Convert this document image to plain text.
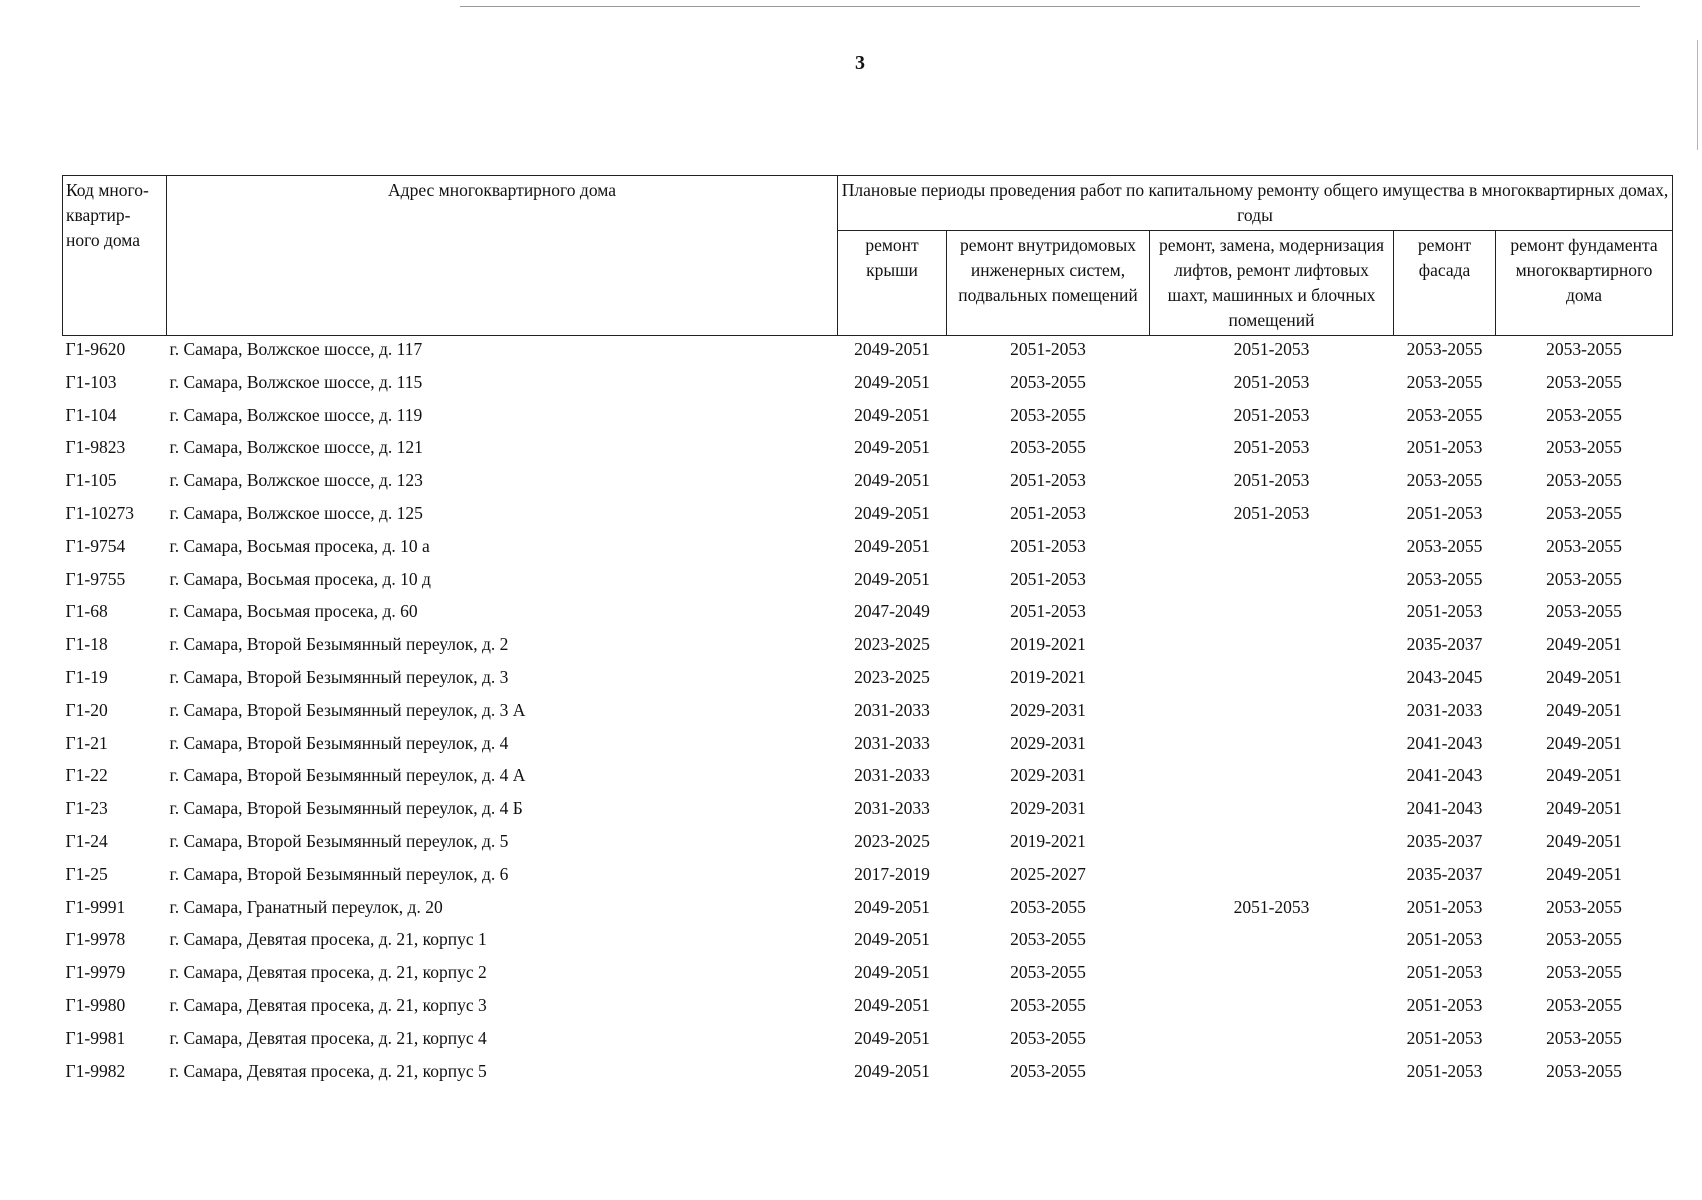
3
Код много-квартир-ного дома	Адрес многоквартирного дома	Плановые периоды проведения работ по капитальному ремонту общего имущества в многоквартирных домах, годы				
		ремонт крыши	ремонт внутридомовых инженерных систем, подвальных помещений	ремонт, замена, модернизация лифтов, ремонт лифтовых шахт, машинных и блочных помещений	ремонт фасада	ремонт фундамента многоквартирного дома
Г1-9620	г. Самара, Волжское шоссе, д. 117	2049-2051	2051-2053	2051-2053	2053-2055	2053-2055
Г1-103	г. Самара, Волжское шоссе, д. 115	2049-2051	2053-2055	2051-2053	2053-2055	2053-2055
Г1-104	г. Самара, Волжское шоссе, д. 119	2049-2051	2053-2055	2051-2053	2053-2055	2053-2055
Г1-9823	г. Самара, Волжское шоссе, д. 121	2049-2051	2053-2055	2051-2053	2051-2053	2053-2055
Г1-105	г. Самара, Волжское шоссе, д. 123	2049-2051	2051-2053	2051-2053	2053-2055	2053-2055
Г1-10273	г. Самара, Волжское шоссе, д. 125	2049-2051	2051-2053	2051-2053	2051-2053	2053-2055
Г1-9754	г. Самара, Восьмая просека, д. 10 а	2049-2051	2051-2053		2053-2055	2053-2055
Г1-9755	г. Самара, Восьмая просека, д. 10 д	2049-2051	2051-2053		2053-2055	2053-2055
Г1-68	г. Самара, Восьмая просека, д. 60	2047-2049	2051-2053		2051-2053	2053-2055
Г1-18	г. Самара, Второй Безымянный переулок, д. 2	2023-2025	2019-2021		2035-2037	2049-2051
Г1-19	г. Самара, Второй Безымянный переулок, д. 3	2023-2025	2019-2021		2043-2045	2049-2051
Г1-20	г. Самара, Второй Безымянный переулок, д. 3 А	2031-2033	2029-2031		2031-2033	2049-2051
Г1-21	г. Самара, Второй Безымянный переулок, д. 4	2031-2033	2029-2031		2041-2043	2049-2051
Г1-22	г. Самара, Второй Безымянный переулок, д. 4 А	2031-2033	2029-2031		2041-2043	2049-2051
Г1-23	г. Самара, Второй Безымянный переулок, д. 4 Б	2031-2033	2029-2031		2041-2043	2049-2051
Г1-24	г. Самара, Второй Безымянный переулок, д. 5	2023-2025	2019-2021		2035-2037	2049-2051
Г1-25	г. Самара, Второй Безымянный переулок, д. 6	2017-2019	2025-2027		2035-2037	2049-2051
Г1-9991	г. Самара, Гранатный переулок, д. 20	2049-2051	2053-2055	2051-2053	2051-2053	2053-2055
Г1-9978	г. Самара, Девятая просека, д. 21, корпус 1	2049-2051	2053-2055		2051-2053	2053-2055
Г1-9979	г. Самара, Девятая просека, д. 21, корпус 2	2049-2051	2053-2055		2051-2053	2053-2055
Г1-9980	г. Самара, Девятая просека, д. 21, корпус 3	2049-2051	2053-2055		2051-2053	2053-2055
Г1-9981	г. Самара, Девятая просека, д. 21, корпус 4	2049-2051	2053-2055		2051-2053	2053-2055
Г1-9982	г. Самара, Девятая просека, д. 21, корпус 5	2049-2051	2053-2055		2051-2053	2053-2055
